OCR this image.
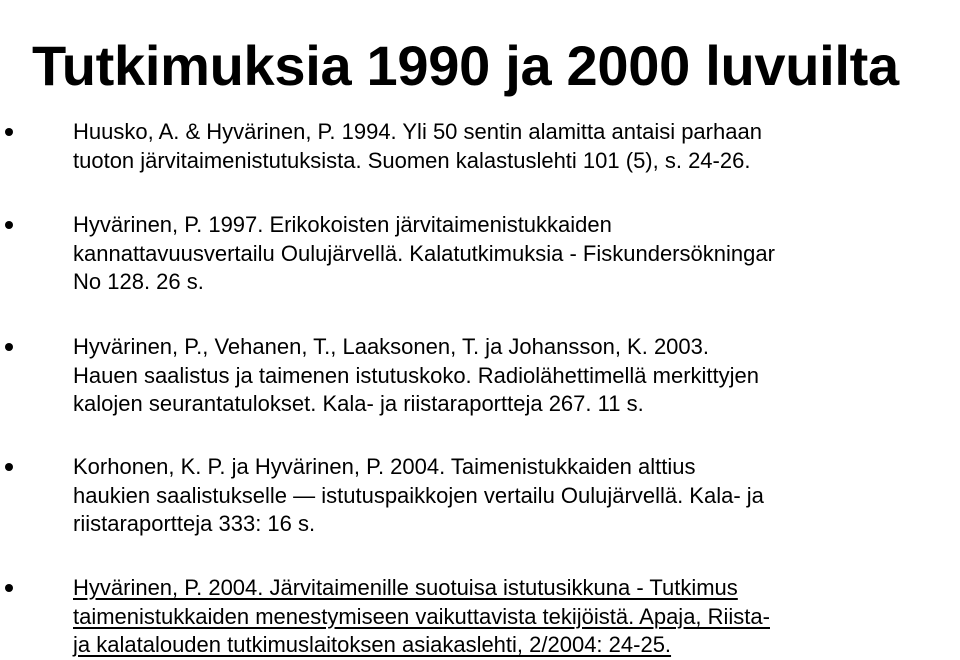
Tutkimuksia 1990 ja 2000 luvuilta

Huusko, A. & Hyvärinen, P. 1994. Yli 50 sentin alamitta antaisi parhaan
tuoton järvitaimenistutuksista. Suomen kalastuslehti 101 (5), s. 24-26.

Hyvärinen, P. 1997. Erikokoisten järvitaimenistukkaiden
kannattavuusvertailu Oulujärvellä. Kalatutkimuksia - Fiskundersökningar
No 128. 26 s.

Hyvärinen, P., Vehanen, T., Laaksonen, T. ja Johansson, K. 2003.
Hauen saalistus ja taimenen istutuskoko. Radiolähettimellä merkittyjen
kalojen seurantatulokset. Kala- ja riistaraportteja 267. 11 s.

Korhonen, K. P. ja Hyvärinen, P. 2004. Taimenistukkaiden alttius
haukien saalistukselle — istutuspaikkojen vertailu Oulujärvellä. Kala- ja
riistaraportteja 333: 16 s.

Hyvärinen, P. 2004. Järvitaimenille suotuisa istutusikkuna - Tutkimus
taimenistukkaiden menestymiseen vaikuttavista tekijöistä. Apaja, Riista-
ja kalatalouden tutkimuslaitoksen asiakaslehti, 2/2004: 24-25.
